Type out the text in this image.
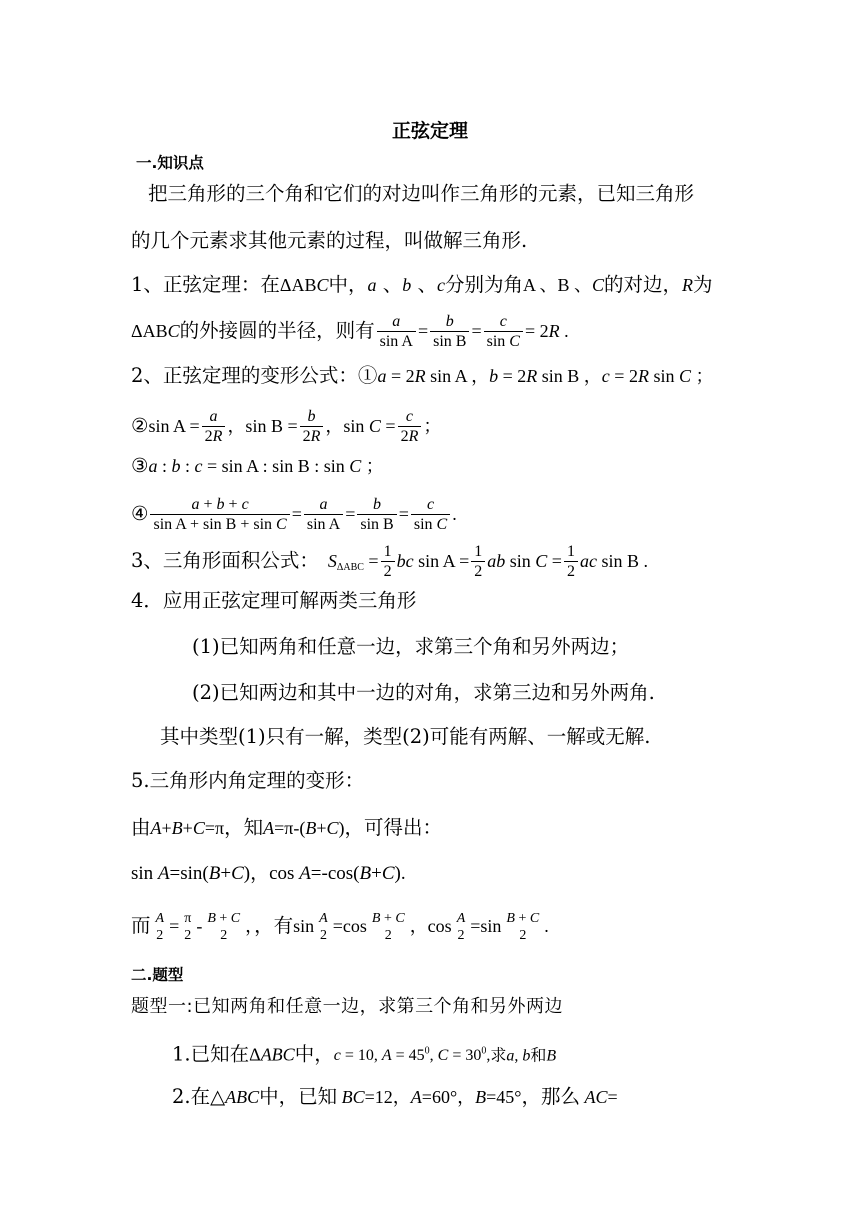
正弦定理
一.知识点
把三角形的三个角和它们的对边叫作三角形的元素，已知三角形
的几个元素求其他元素的过程，叫做解三角形.
1、正弦定理：在ΔABC中，a 、b 、c分别为角A 、B 、C的对边，R为
ΔABC的外接圆的半径，则有 $\frac{a}{\text{sin A}} = \frac{b}{\text{sin B}} = \frac{c}{\text{sin C}} = 2R$ .
2、正弦定理的变形公式：①a = 2R sin A ，b = 2R sin B ，c = 2R sin C ；
②sin $A = \frac{a}{2R}$ ，$\sin B = \frac{b}{2R}$ ，$\sin C = \frac{c}{2R}$ ；
③a : b : c = sin A : sin B : sin C ；
④ $\frac{a + b + c}{\text{sin A + sin B + sin C}} = \frac{a}{\text{sin A}} = \frac{b}{\text{sin B}} = \frac{c}{\text{sin C}}$ .
3、三角形面积公式： $S_{\Delta ABC} = \frac{1}{2}$ bc $\sin A = \frac{1}{2}$ ab $\sin C = \frac{1}{2}$ ac sin B .
4．应用正弦定理可解两类三角形
(1)已知两角和任意一边，求第三个角和另外两边；
(2)已知两边和其中一边的对角，求第三边和另外两角.
其中类型(1)只有一解，类型(2)可能有两解、一解或无解.
5.三角形内角定理的变形：
由A+B+C=π，知A=π-(B+C)，可得出：
sin A=sin(B+C)，cos A=-cos(B+C).
而 A
2 = π
2 - B + C
2 ，，有sin A
2 =cos B + C
2 ，cos A
2 =sin B + C
2 .
二.题型
题型一:已知两角和任意一边，求第三个角和另外两边
1.已知在ΔABC中，c = 10, $A = 45^0$, $C = 30^0$,求a, b和B
2.在△ABC中，已知 BC=12，A=60°，B=45°，那么 AC=
